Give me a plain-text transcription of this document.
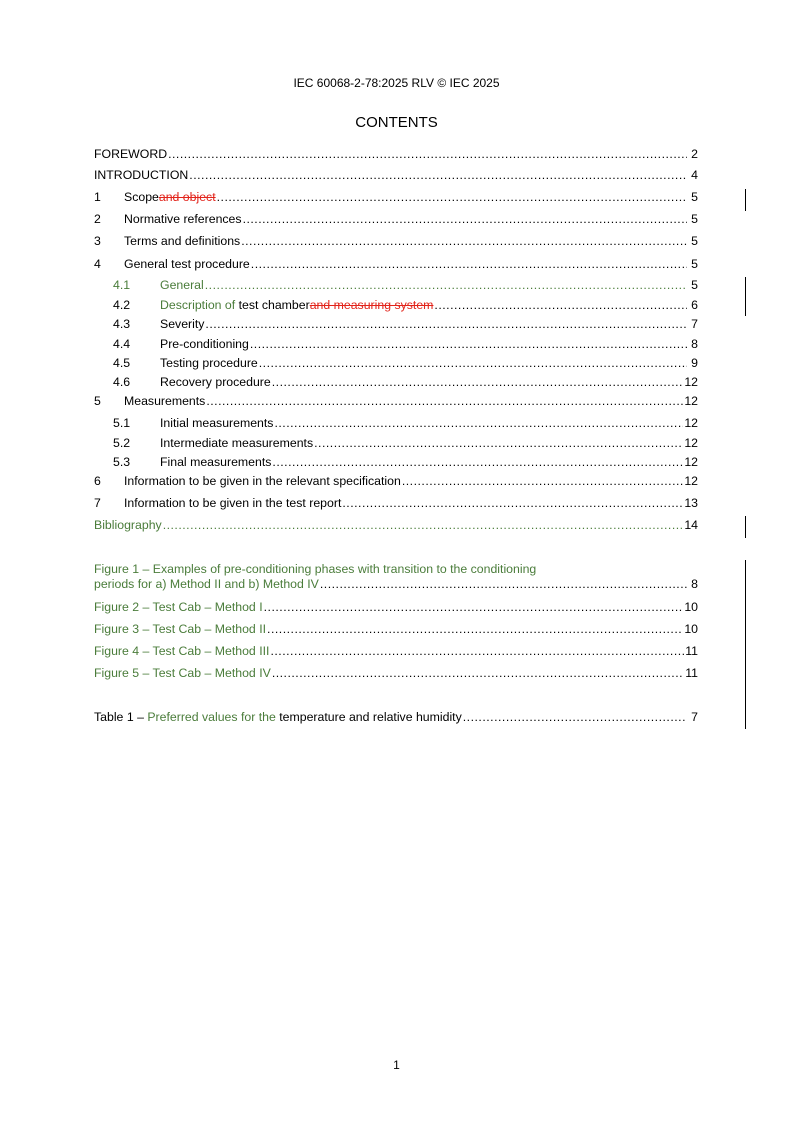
IEC 60068-2-78:2025 RLV © IEC 2025
CONTENTS
FOREWORD .....	2
INTRODUCTION .....	4
1	Scope and object .....	5
2	Normative references .....	5
3	Terms and definitions .....	5
4	General test procedure .....	5
4.1	General .....	5
4.2	Description of test chamber and measuring system .....	6
4.3	Severity .....	7
4.4	Pre-conditioning .....	8
4.5	Testing procedure .....	9
4.6	Recovery procedure .....	12
5	Measurements .....	12
5.1	Initial measurements .....	12
5.2	Intermediate measurements .....	12
5.3	Final measurements .....	12
6	Information to be given in the relevant specification .....	12
7	Information to be given in the test report .....	13
Bibliography .....	14
Figure 1 – Examples of pre-conditioning phases with transition to the conditioning
periods for a) Method II and b) Method IV .....	8
Figure 2 – Test Cab – Method I .....	10
Figure 3 – Test Cab – Method II .....	10
Figure 4 – Test Cab – Method III .....	11
Figure 5 – Test Cab – Method IV .....	11
Table 1 – Preferred values for the temperature and relative humidity .....	7
1
